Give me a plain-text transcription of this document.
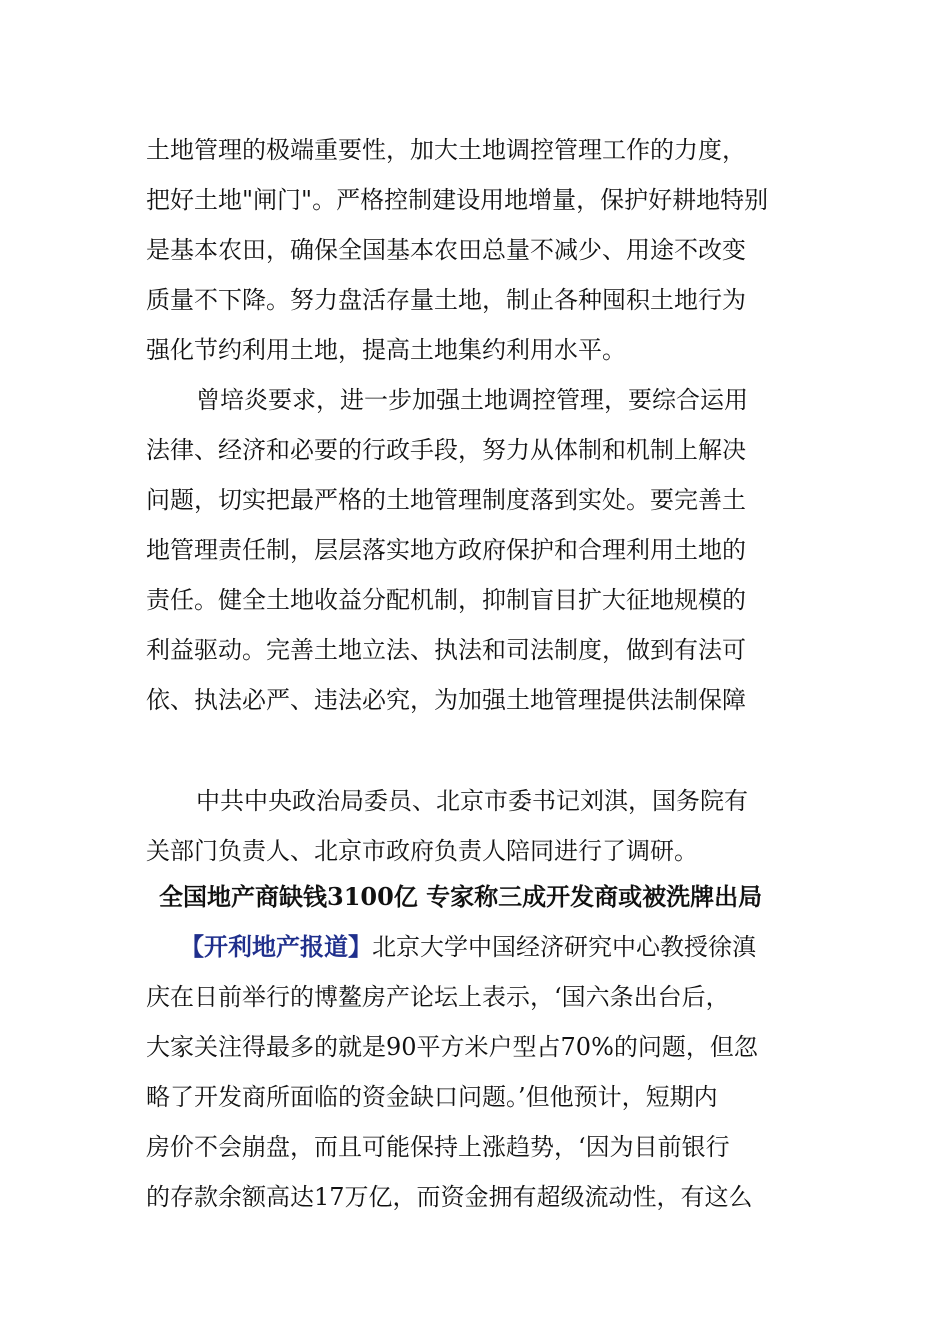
土地管理的极端重要性，加大土地调控管理工作的力度，
把好土地"闸门"。严格控制建设用地增量，保护好耕地特别
是基本农田，确保全国基本农田总量不减少、用途不改变
质量不下降。努力盘活存量土地，制止各种囤积土地行为
强化节约利用土地，提高土地集约利用水平。
曾培炎要求，进一步加强土地调控管理，要综合运用
法律、经济和必要的行政手段，努力从体制和机制上解决
问题，切实把最严格的土地管理制度落到实处。要完善土
地管理责任制，层层落实地方政府保护和合理利用土地的
责任。健全土地收益分配机制，抑制盲目扩大征地规模的
利益驱动。完善土地立法、执法和司法制度，做到有法可
依、执法必严、违法必究，为加强土地管理提供法制保障
中共中央政治局委员、北京市委书记刘淇，国务院有
关部门负责人、北京市政府负责人陪同进行了调研。
全国地产商缺钱3100亿 专家称三成开发商或被洗牌出局
【开利地产报道】北京大学中国经济研究中心教授徐滇
庆在日前举行的博鳌房产论坛上表示，‘国六条出台后，
大家关注得最多的就是90平方米户型占70%的问题，但忽
略了开发商所面临的资金缺口问题。’但他预计，短期内
房价不会崩盘，而且可能保持上涨趋势，‘因为目前银行
的存款余额高达17万亿，而资金拥有超级流动性，有这么
